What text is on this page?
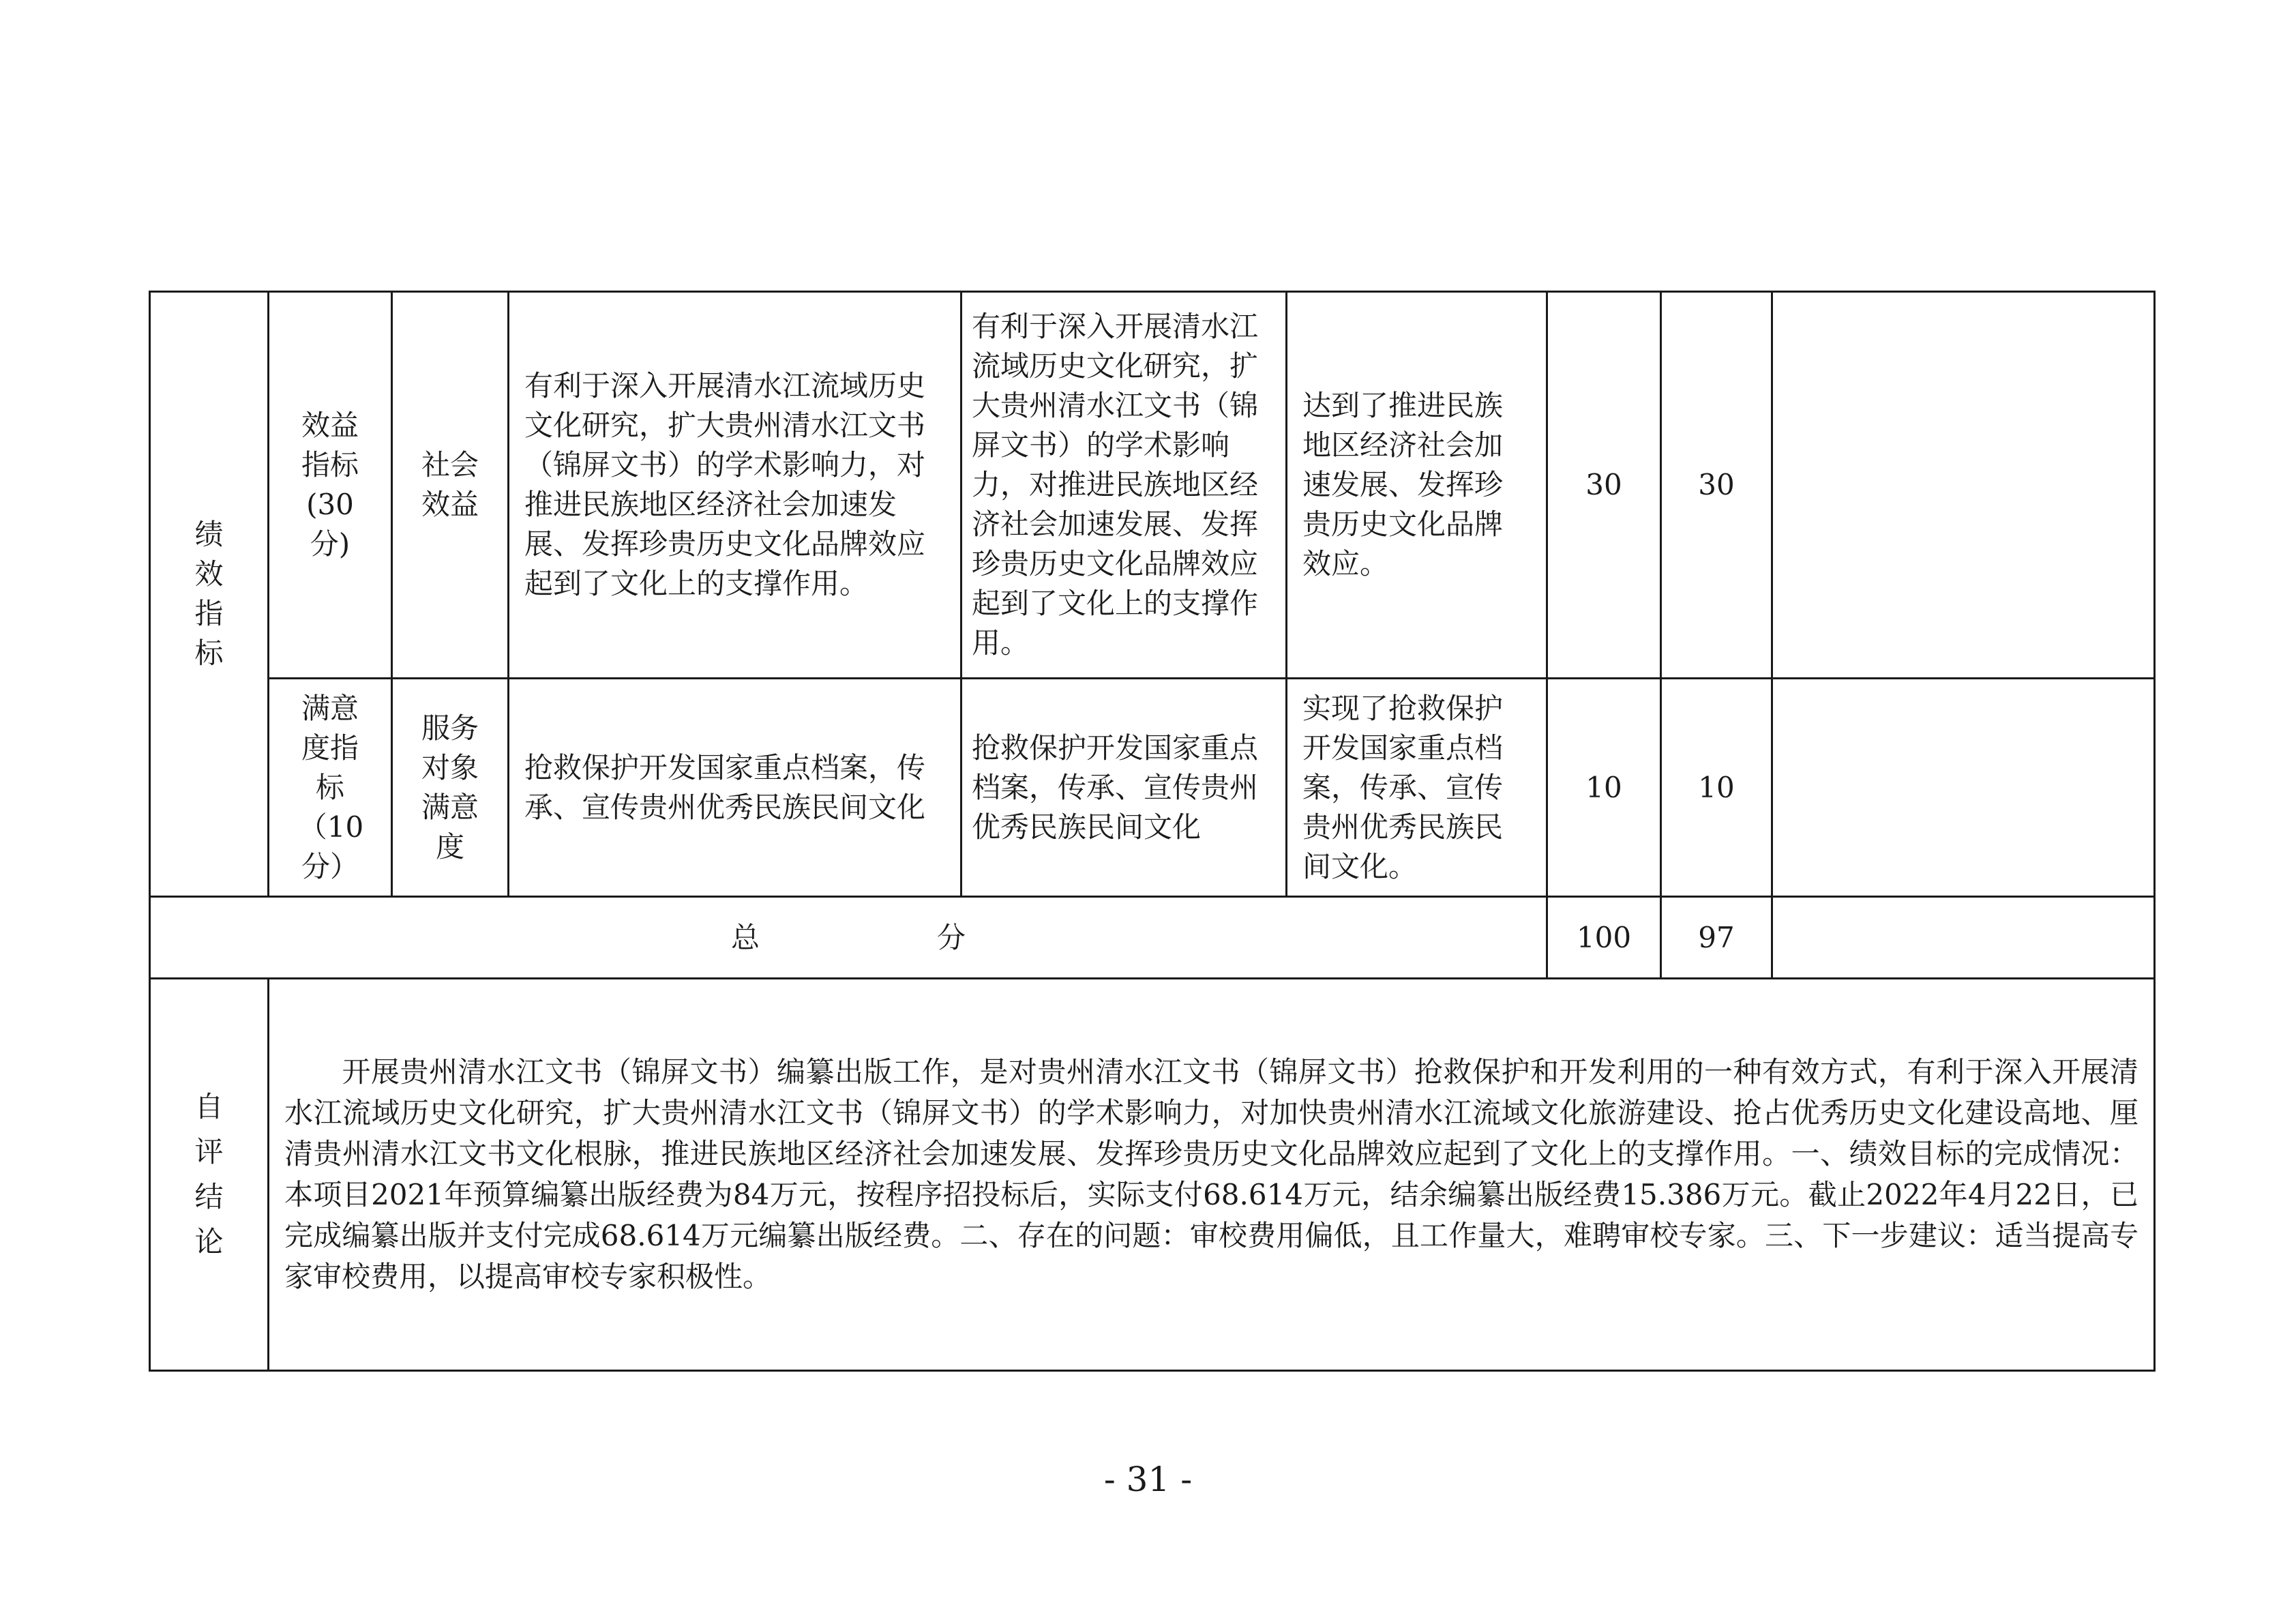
绩效指标	效益指标(30分)	社会效益	有利于深入开展清水江流域历史文化研究，扩大贵州清水江文书（锦屏文书）的学术影响力，对推进民族地区经济社会加速发展、发挥珍贵历史文化品牌效应起到了文化上的支撑作用。	有利于深入开展清水江流域历史文化研究，扩大贵州清水江文书（锦屏文书）的学术影响力，对推进民族地区经济社会加速发展、发挥珍贵历史文化品牌效应起到了文化上的支撑作用。	达到了推进民族地区经济社会加速发展、发挥珍贵历史文化品牌效应。	30	30	

	满意度指标（10分）	服务对象满意度	抢救保护开发国家重点档案，传承、宣传贵州优秀民族民间文化	抢救保护开发国家重点档案，传承、宣传贵州优秀民族民间文化	实现了抢救保护开发国家重点档案，传承、宣传贵州优秀民族民间文化。	10	10	
总 分						100	97	

自评结论	开展贵州清水江文书（锦屏文书）编纂出版工作，是对贵州清水江文书（锦屏文书）抢救保护和开发利用的一种有效方式，有利于深入开展清水江流域历史文化研究，扩大贵州清水江文书（锦屏文书）的学术影响力，对加快贵州清水江流域文化旅游建设、抢占优秀历史文化建设高地、厘清贵州清水江文书文化根脉，推进民族地区经济社会加速发展、发挥珍贵历史文化品牌效应起到了文化上的支撑作用。一、绩效目标的完成情况：本项目2021年预算编纂出版经费为84万元，按程序招投标后，实际支付68.614万元，结余编纂出版经费15.386万元。截止2022年4月22日，已完成编纂出版并支付完成68.614万元编纂出版经费。二、存在的问题：审校费用偏低，且工作量大，难聘审校专家。三、下一步建议：适当提高专家审校费用，以提高审校专家积极性。							
- 31 -
